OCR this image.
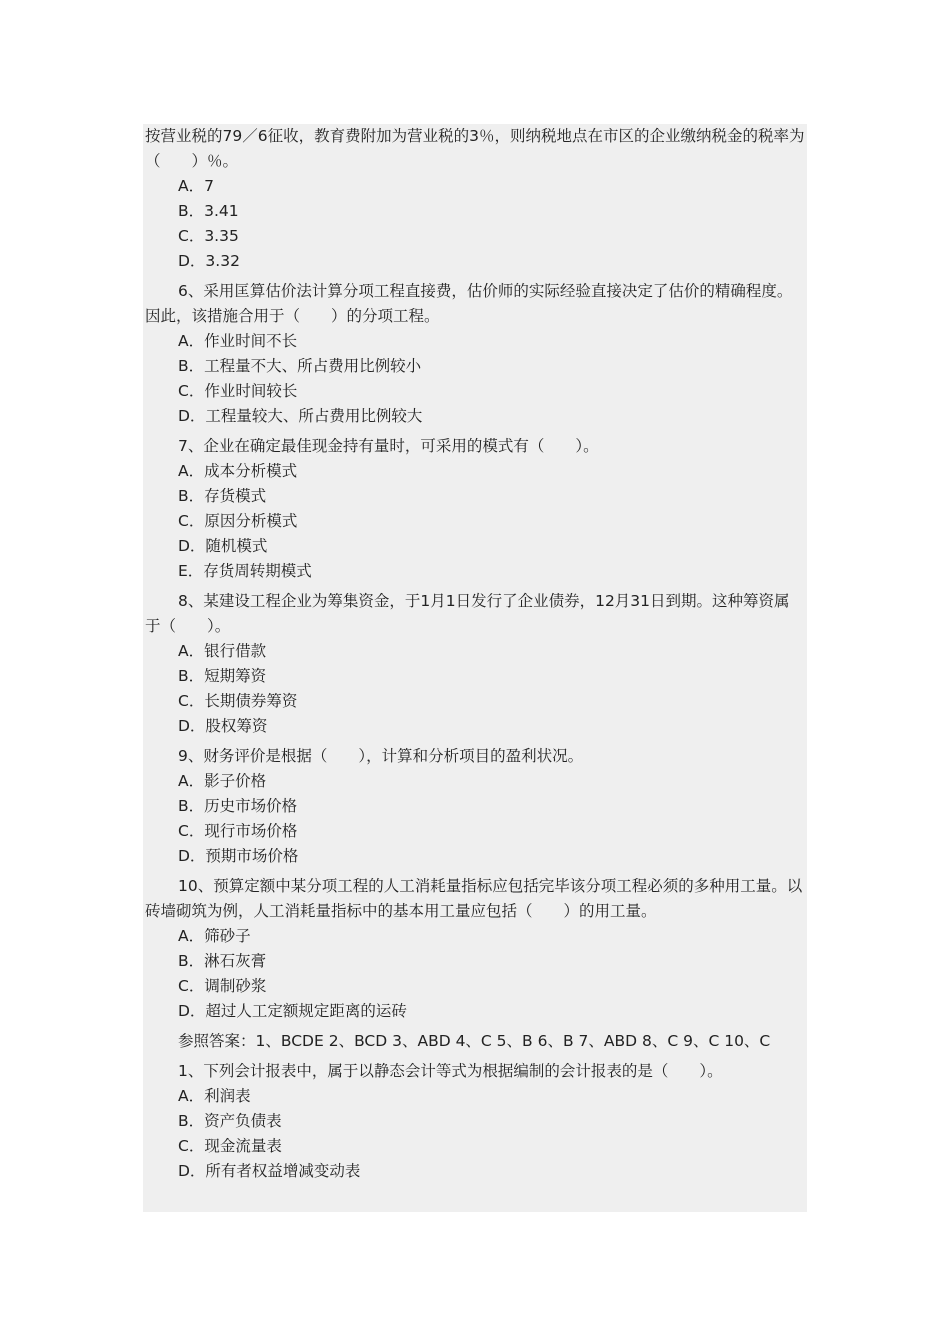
按营业税的79／6征收，教育费附加为营业税的3％，则纳税地点在市区的企业缴纳税金的税率为（　　）％。

A．7

B．3.41

C．3.35

D．3.32

6、采用匡算估价法计算分项工程直接费，估价师的实际经验直接决定了估价的精确程度。因此，该措施合用于（　　）的分项工程。

A．作业时间不长

B．工程量不大、所占费用比例较小

C．作业时间较长

D．工程量较大、所占费用比例较大

7、企业在确定最佳现金持有量时，可采用的模式有（　　）。

A．成本分析模式

B．存货模式

C．原因分析模式

D．随机模式

E．存货周转期模式

8、某建设工程企业为筹集资金，于1月1日发行了企业债券，12月31日到期。这种筹资属于（　　）。

A．银行借款

B．短期筹资

C．长期债券筹资

D．股权筹资

9、财务评价是根据（　　），计算和分析项目的盈利状况。

A．影子价格

B．历史市场价格

C．现行市场价格

D．预期市场价格

10、预算定额中某分项工程的人工消耗量指标应包括完毕该分项工程必须的多种用工量。以砖墙砌筑为例，人工消耗量指标中的基本用工量应包括（　　）的用工量。

A．筛砂子

B．淋石灰膏

C．调制砂浆

D．超过人工定额规定距离的运砖

参照答案：1、BCDE 2、BCD 3、ABD 4、C 5、B 6、B 7、ABD 8、C 9、C 10、C

1、下列会计报表中，属于以静态会计等式为根据编制的会计报表的是（　　）。

A．利润表

B．资产负债表

C．现金流量表

D．所有者权益增减变动表
